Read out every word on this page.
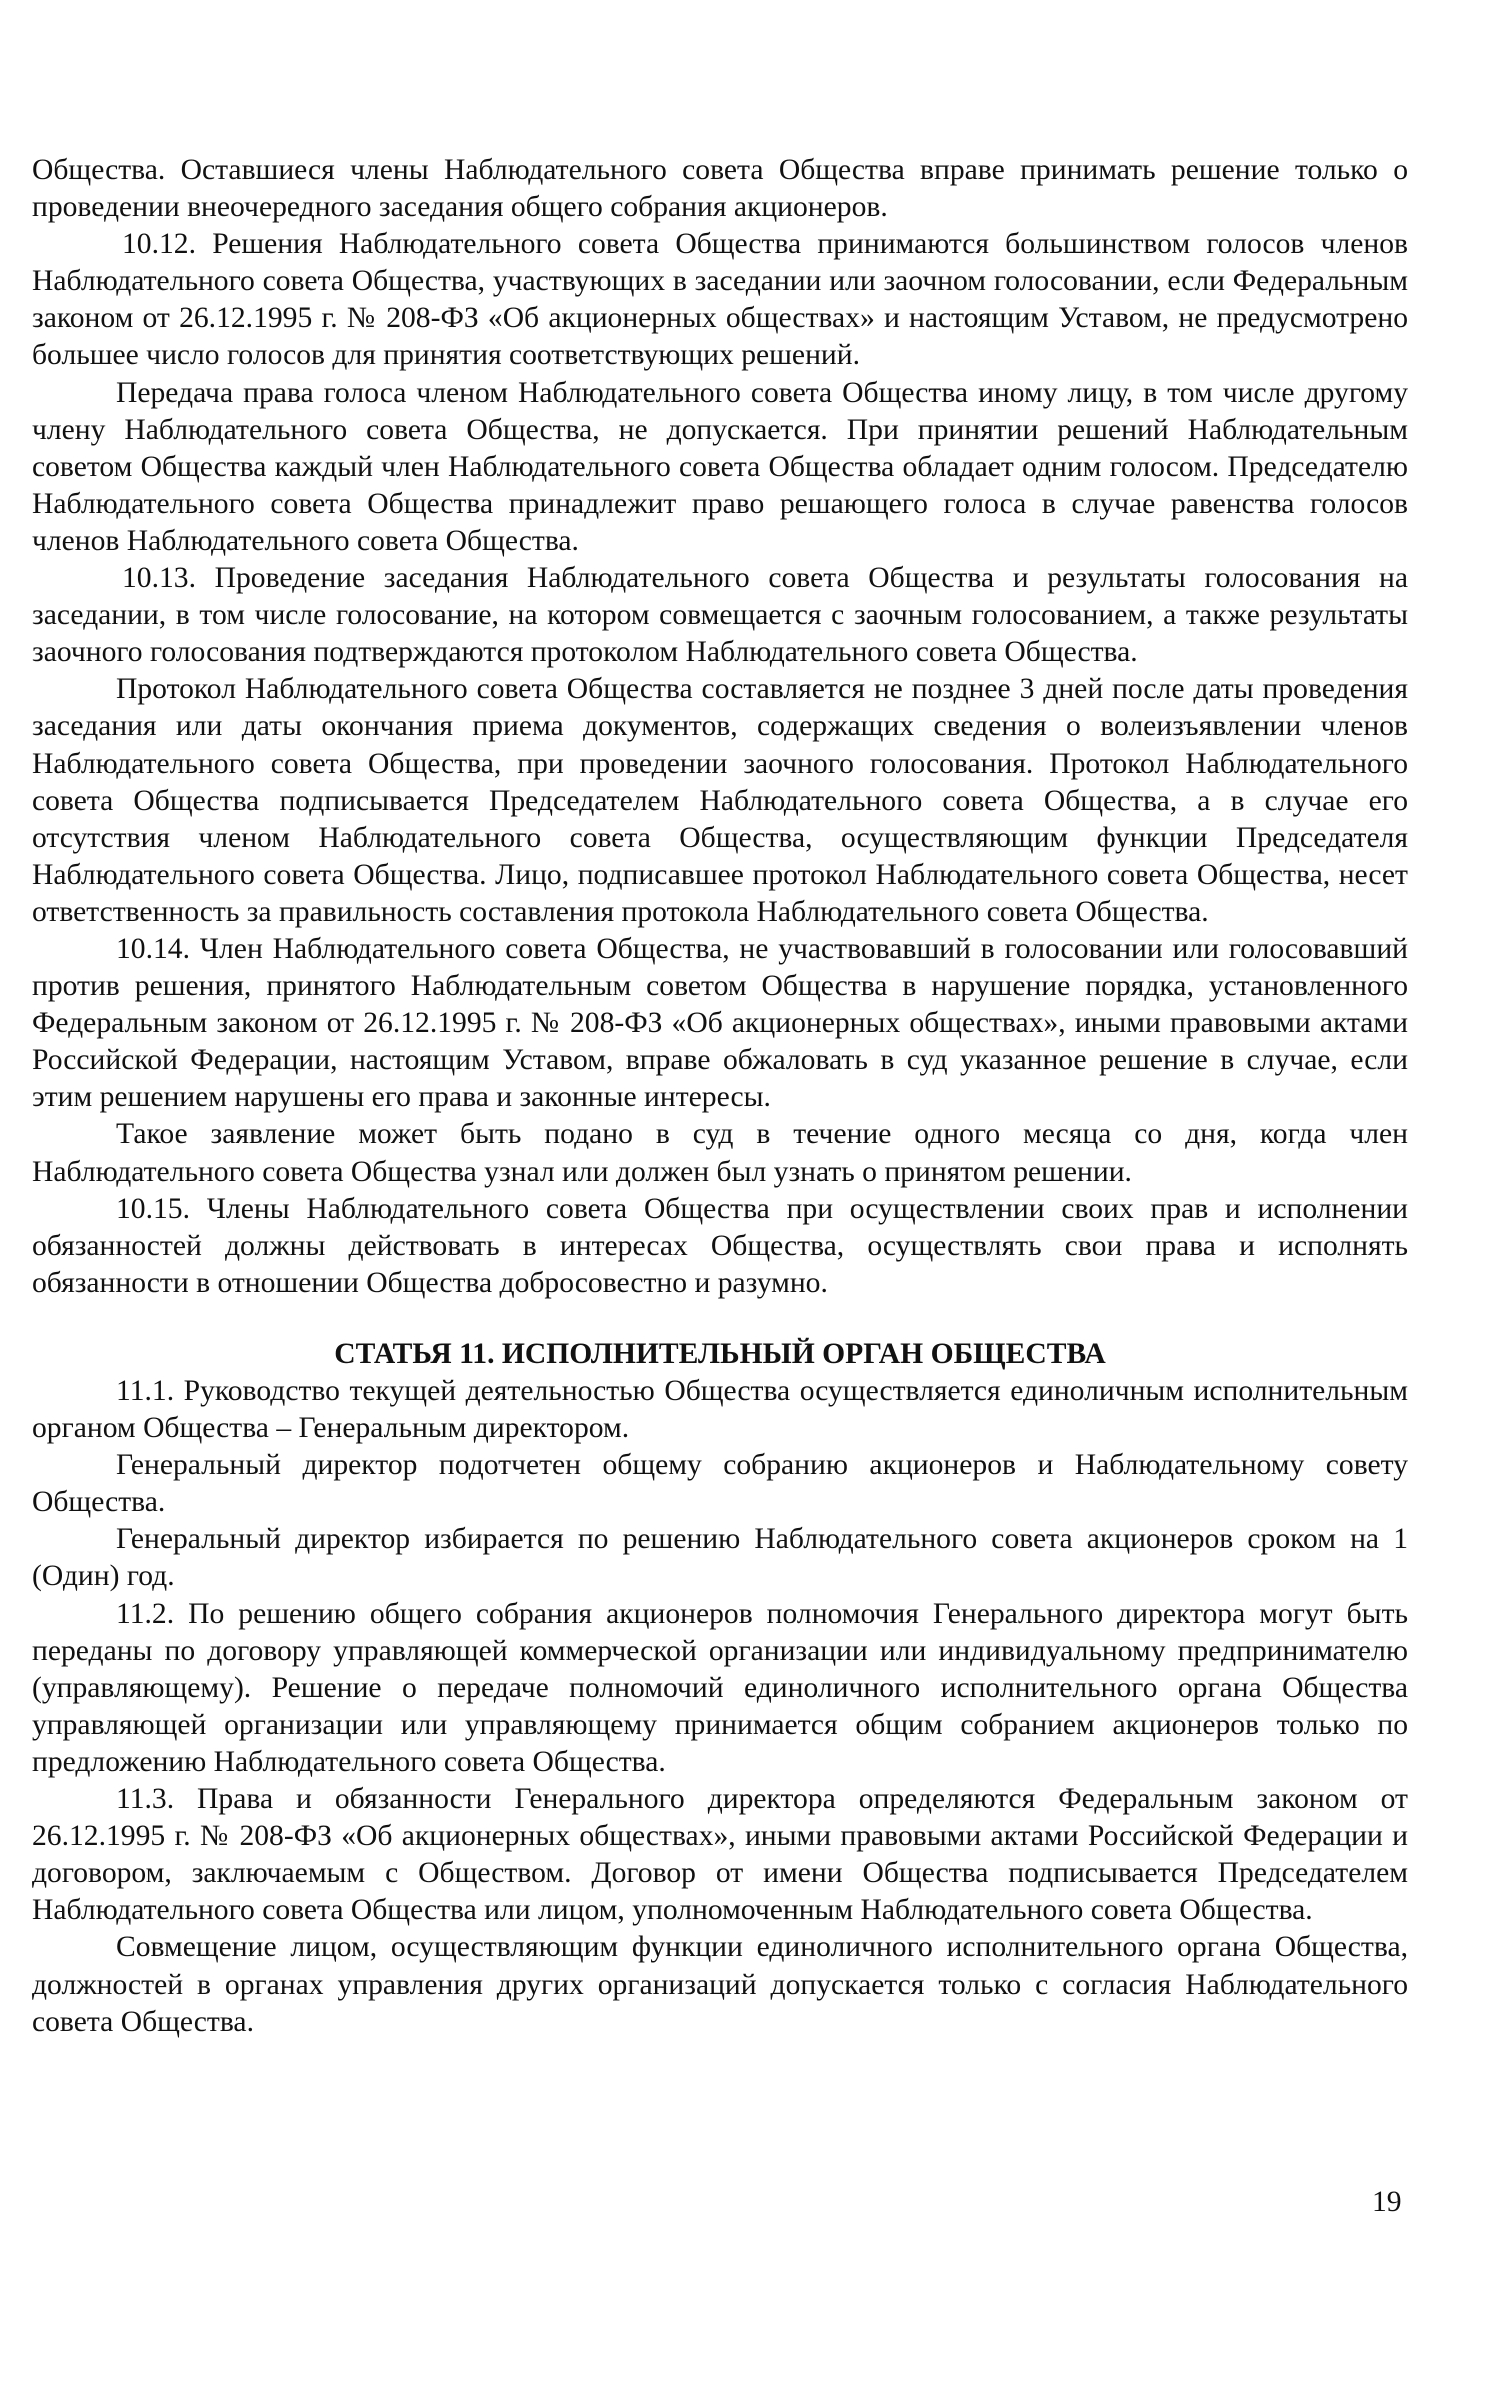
Общества. Оставшиеся члены Наблюдательного совета Общества вправе принимать решение только о проведении внеочередного заседания общего собрания акционеров.

10.12. Решения Наблюдательного совета Общества принимаются большинством голосов членов Наблюдательного совета Общества, участвующих в заседании или заочном голосовании, если Федеральным законом от 26.12.1995 г. № 208-ФЗ «Об акционерных обществах» и настоящим Уставом, не предусмотрено большее число голосов для принятия соответствующих решений.

Передача права голоса членом Наблюдательного совета Общества иному лицу, в том числе другому члену Наблюдательного совета Общества, не допускается. При принятии решений Наблюдательным советом Общества каждый член Наблюдательного совета Общества обладает одним голосом. Председателю Наблюдательного совета Общества принадлежит право решающего голоса в случае равенства голосов членов Наблюдательного совета Общества.

10.13. Проведение заседания Наблюдательного совета Общества и результаты голосования на заседании, в том числе голосование, на котором совмещается с заочным голосованием, а также результаты заочного голосования подтверждаются протоколом Наблюдательного совета Общества.

Протокол Наблюдательного совета Общества составляется не позднее 3 дней после даты проведения заседания или даты окончания приема документов, содержащих сведения о волеизъявлении членов Наблюдательного совета Общества, при проведении заочного голосования. Протокол Наблюдательного совета Общества подписывается Председателем Наблюдательного совета Общества, а в случае его отсутствия членом Наблюдательного совета Общества, осуществляющим функции Председателя Наблюдательного совета Общества. Лицо, подписавшее протокол Наблюдательного совета Общества, несет ответственность за правильность составления протокола Наблюдательного совета Общества.

10.14. Член Наблюдательного совета Общества, не участвовавший в голосовании или голосовавший против решения, принятого Наблюдательным советом Общества в нарушение порядка, установленного Федеральным законом от 26.12.1995 г. № 208-ФЗ «Об акционерных обществах», иными правовыми актами Российской Федерации, настоящим Уставом, вправе обжаловать в суд указанное решение в случае, если этим решением нарушены его права и законные интересы.

Такое заявление может быть подано в суд в течение одного месяца со дня, когда член Наблюдательного совета Общества узнал или должен был узнать о принятом решении.

10.15. Члены Наблюдательного совета Общества при осуществлении своих прав и исполнении обязанностей должны действовать в интересах Общества, осуществлять свои права и исполнять обязанности в отношении Общества добросовестно и разумно.

СТАТЬЯ 11. ИСПОЛНИТЕЛЬНЫЙ ОРГАН ОБЩЕСТВА

11.1. Руководство текущей деятельностью Общества осуществляется единоличным исполнительным органом Общества – Генеральным директором.

Генеральный директор подотчетен общему собранию акционеров и Наблюдательному совету Общества.

Генеральный директор избирается по решению Наблюдательного совета акционеров сроком на 1 (Один) год.

11.2. По решению общего собрания акционеров полномочия Генерального директора могут быть переданы по договору управляющей коммерческой организации или индивидуальному предпринимателю (управляющему). Решение о передаче полномочий единоличного исполнительного органа Общества управляющей организации или управляющему принимается общим собранием акционеров только по предложению Наблюдательного совета Общества.

11.3. Права и обязанности Генерального директора определяются Федеральным законом от 26.12.1995 г. № 208-ФЗ «Об акционерных обществах», иными правовыми актами Российской Федерации и договором, заключаемым с Обществом. Договор от имени Общества подписывается Председателем Наблюдательного совета Общества или лицом, уполномоченным Наблюдательного совета Общества.

Совмещение лицом, осуществляющим функции единоличного исполнительного органа Общества, должностей в органах управления других организаций допускается только с согласия Наблюдательного совета Общества.

19
